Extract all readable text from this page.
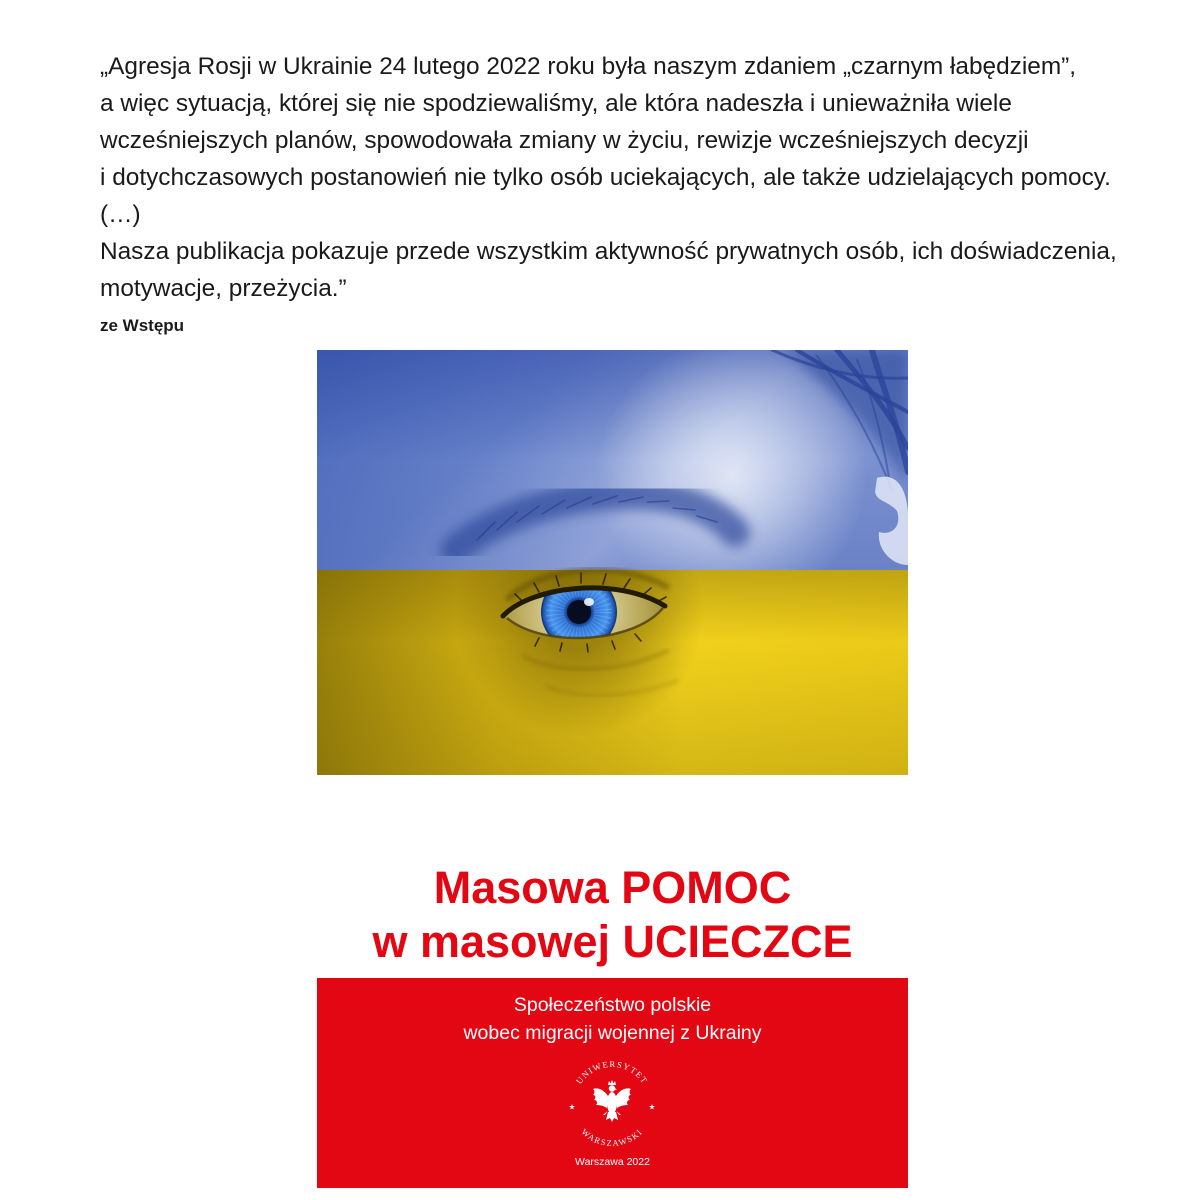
„Agresja Rosji w Ukrainie 24 lutego 2022 roku była naszym zdaniem „czarnym łabędziem”,
a więc sytuacją, której się nie spodziewaliśmy, ale która nadeszła i unieważniła wiele
wcześniejszych planów, spowodowała zmiany w życiu, rewizje wcześniejszych decyzji
i dotychczasowych postanowień nie tylko osób uciekających, ale także udzielających pomocy.
(…)
Nasza publikacja pokazuje przede wszystkim aktywność prywatnych osób, ich doświadczenia,
motywacje, przeżycia.”
ze Wstępu
Masowa POMOC
w masowej UCIECZCE
Społeczeństwo polskie
wobec migracji wojennej z Ukrainy
UNIWERSYTET
WARSZAWSKI
Warszawa 2022
